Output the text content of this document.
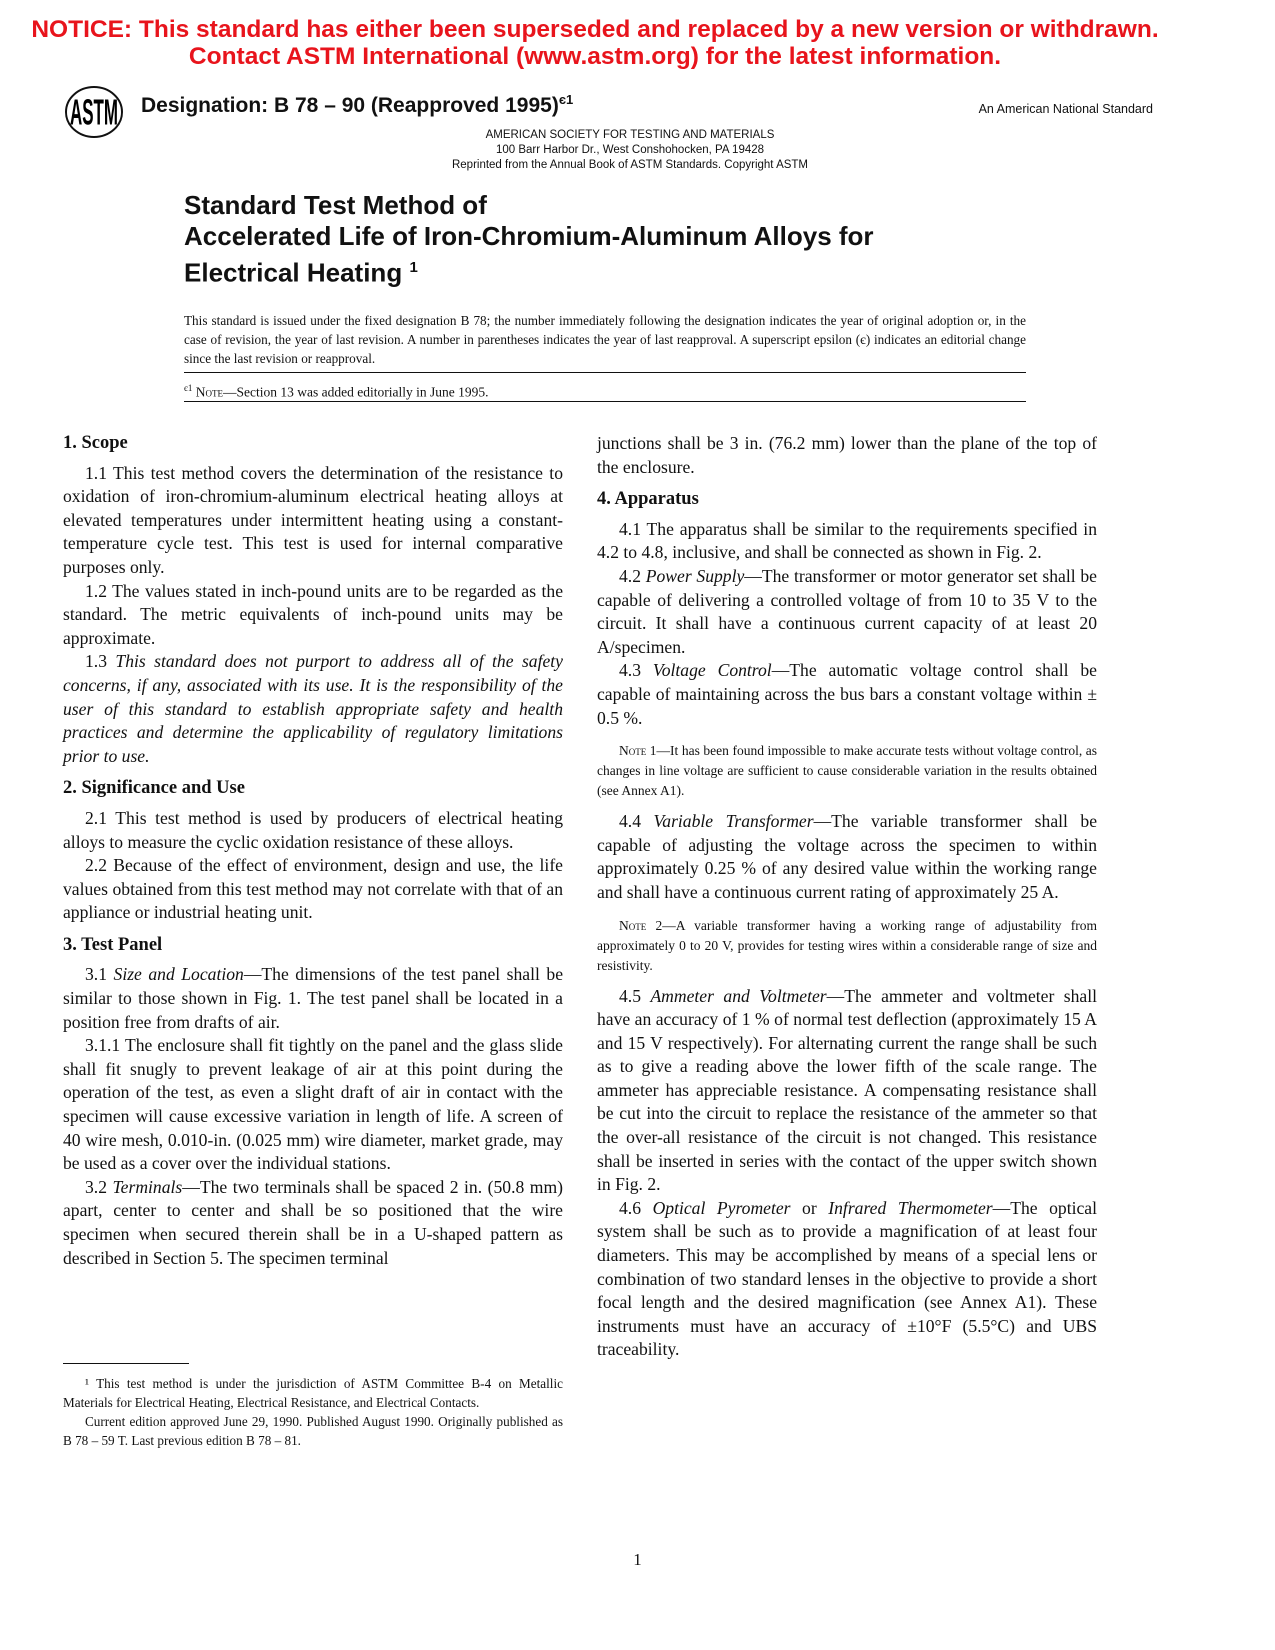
NOTICE: This standard has either been superseded and replaced by a new version or withdrawn. Contact ASTM International (www.astm.org) for the latest information.
ASTM Designation: B 78 – 90 (Reapproved 1995)$^{є1}$
An American National Standard
AMERICAN SOCIETY FOR TESTING AND MATERIALS
100 Barr Harbor Dr., West Conshohocken, PA 19428
Reprinted from the Annual Book of ASTM Standards. Copyright ASTM
Standard Test Method of
Accelerated Life of Iron-Chromium-Aluminum Alloys for
Electrical Heating $^1$
This standard is issued under the fixed designation B 78; the number immediately following the designation indicates the year of original adoption or, in the case of revision, the year of last revision. A number in parentheses indicates the year of last reapproval. A superscript epsilon (є) indicates an editorial change since the last revision or reapproval.
$^{є1}$ Note—Section 13 was added editorially in June 1995.
1. Scope

1.1 This test method covers the determination of the resistance to oxidation of iron-chromium-aluminum electrical heating alloys at elevated temperatures under intermittent heating using a constant-temperature cycle test. This test is used for internal comparative purposes only.

1.2 The values stated in inch-pound units are to be regarded as the standard. The metric equivalents of inch-pound units may be approximate.

1.3 This standard does not purport to address all of the safety concerns, if any, associated with its use. It is the responsibility of the user of this standard to establish appropriate safety and health practices and determine the applicability of regulatory limitations prior to use.

2. Significance and Use

2.1 This test method is used by producers of electrical heating alloys to measure the cyclic oxidation resistance of these alloys.

2.2 Because of the effect of environment, design and use, the life values obtained from this test method may not correlate with that of an appliance or industrial heating unit.

3. Test Panel

3.1 Size and Location—The dimensions of the test panel shall be similar to those shown in Fig. 1. The test panel shall be located in a position free from drafts of air.

3.1.1 The enclosure shall fit tightly on the panel and the glass slide shall fit snugly to prevent leakage of air at this point during the operation of the test, as even a slight draft of air in contact with the specimen will cause excessive variation in length of life. A screen of 40 wire mesh, 0.010-in. (0.025 mm) wire diameter, market grade, may be used as a cover over the individual stations.

3.2 Terminals—The two terminals shall be spaced 2 in. (50.8 mm) apart, center to center and shall be so positioned that the wire specimen when secured therein shall be in a U-shaped pattern as described in Section 5. The specimen terminal

¹ This test method is under the jurisdiction of ASTM Committee B-4 on Metallic Materials for Electrical Heating, Electrical Resistance, and Electrical Contacts.

Current edition approved June 29, 1990. Published August 1990. Originally published as B 78 – 59 T. Last previous edition B 78 – 81.

junctions shall be 3 in. (76.2 mm) lower than the plane of the top of the enclosure.

4. Apparatus

4.1 The apparatus shall be similar to the requirements specified in 4.2 to 4.8, inclusive, and shall be connected as shown in Fig. 2.

4.2 Power Supply—The transformer or motor generator set shall be capable of delivering a controlled voltage of from 10 to 35 V to the circuit. It shall have a continuous current capacity of at least 20 A/specimen.

4.3 Voltage Control—The automatic voltage control shall be capable of maintaining across the bus bars a constant voltage within ± 0.5 %.

Note 1—It has been found impossible to make accurate tests without voltage control, as changes in line voltage are sufficient to cause considerable variation in the results obtained (see Annex A1).

4.4 Variable Transformer—The variable transformer shall be capable of adjusting the voltage across the specimen to within approximately 0.25 % of any desired value within the working range and shall have a continuous current rating of approximately 25 A.

Note 2—A variable transformer having a working range of adjustability from approximately 0 to 20 V, provides for testing wires within a considerable range of size and resistivity.

4.5 Ammeter and Voltmeter—The ammeter and voltmeter shall have an accuracy of 1 % of normal test deflection (approximately 15 A and 15 V respectively). For alternating current the range shall be such as to give a reading above the lower fifth of the scale range. The ammeter has appreciable resistance. A compensating resistance shall be cut into the circuit to replace the resistance of the ammeter so that the over-all resistance of the circuit is not changed. This resistance shall be inserted in series with the contact of the upper switch shown in Fig. 2.

4.6 Optical Pyrometer or Infrared Thermometer—The optical system shall be such as to provide a magnification of at least four diameters. This may be accomplished by means of a special lens or combination of two standard lenses in the objective to provide a short focal length and the desired magnification (see Annex A1). These instruments must have an accuracy of ±10°F (5.5°C) and UBS traceability.

1
